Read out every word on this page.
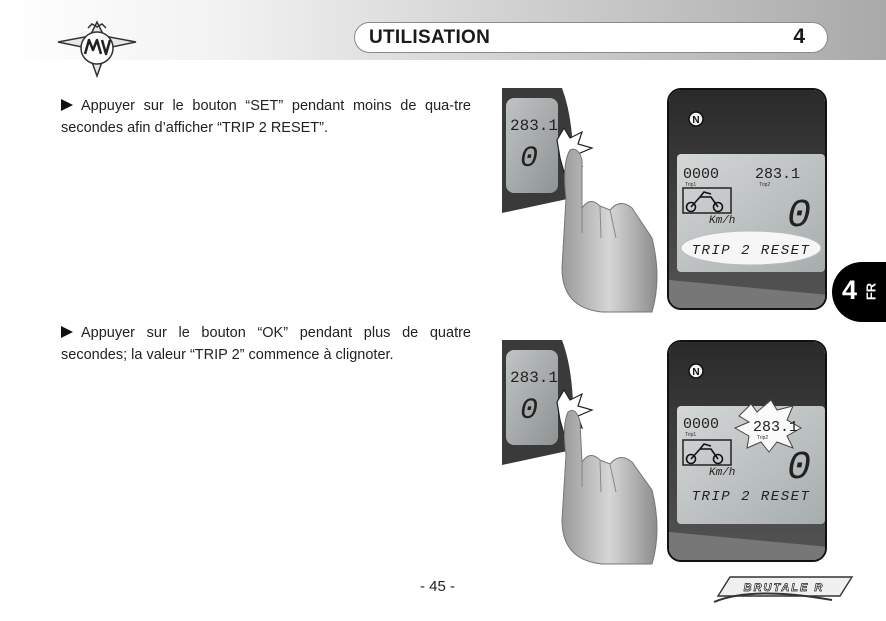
UTILISATION	4

Appuyer sur le bouton “SET” pendant moins de qua-tre secondes afin d’afficher “TRIP 2 RESET”.

Appuyer sur le bouton “OK” pendant plus de quatre secondes; la valeur “TRIP 2” commence à clignoter.

283.1
0
N
0000
Trip1
283.1
Trip2
Km/h 0
TRIP 2 RESET
283.1
0
N
0000
Trip1	283.1
Trip2
Km/h 0
TRIP 2 RESET
4 FR
- 45 -	BRUTALE R
